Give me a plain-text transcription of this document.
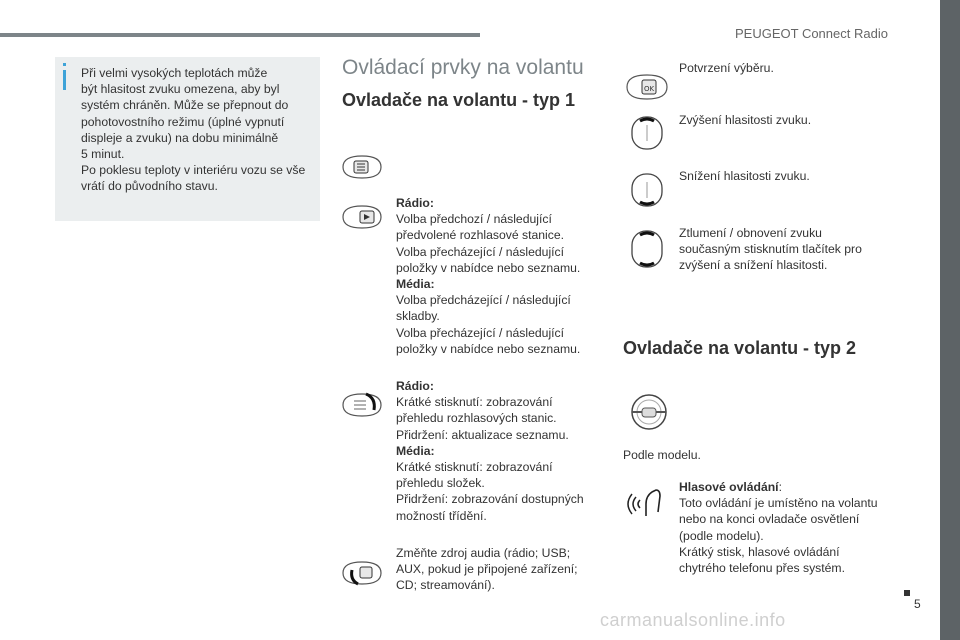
PEUGEOT Connect Radio
5
Při velmi vysokých teplotách může
být hlasitost zvuku omezena, aby byl
systém chráněn. Může se přepnout do
pohotovostního režimu (úplné vypnutí
displeje a zvuku) na dobu minimálně
5 minut.
Po poklesu teploty v interiéru vozu se vše
vrátí do původního stavu.
Ovládací prvky na volantu
Ovladače na volantu - typ 1
Rádio:
Volba předchozí / následující
předvolené rozhlasové stanice.
Volba přecházející / následující
položky v nabídce nebo seznamu.
Média:
Volba předcházející / následující
skladby.
Volba přecházející / následující
položky v nabídce nebo seznamu.
Rádio:
Krátké stisknutí: zobrazování
přehledu rozhlasových stanic.
Přidržení: aktualizace seznamu.
Média:
Krátké stisknutí: zobrazování
přehledu složek.
Přidržení: zobrazování dostupných
možností třídění.
Změňte zdroj audia (rádio; USB;
AUX, pokud je připojené zařízení;
CD; streamování).
OK
Potvrzení výběru.
Zvýšení hlasitosti zvuku.
Snížení hlasitosti zvuku.
Ztlumení / obnovení zvuku
současným stisknutím tlačítek pro
zvýšení a snížení hlasitosti.
Ovladače na volantu - typ 2
Podle modelu.
Hlasové ovládání:
Toto ovládání je umístěno na volantu
nebo na konci ovladače osvětlení
(podle modelu).
Krátký stisk, hlasové ovládání
chytrého telefonu přes systém.
carmanualsonline.info
